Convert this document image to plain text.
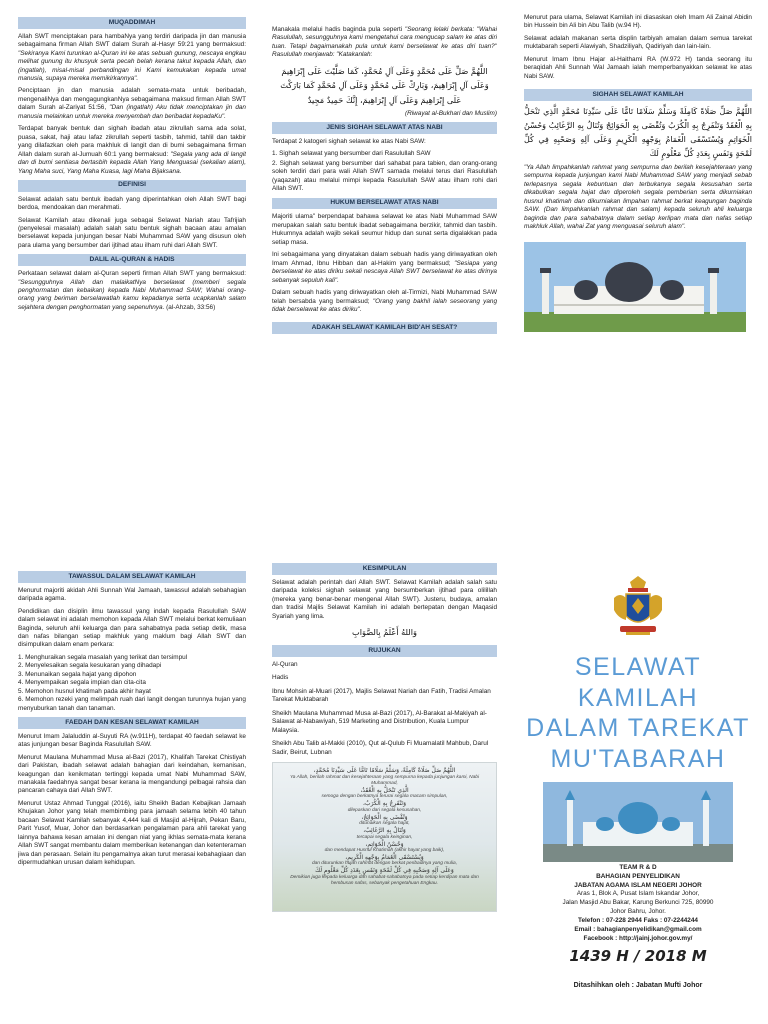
MUQADDIMAH

Allah SWT menciptakan para hambaNya yang terdiri daripada jin dan manusia sebagaimana firman Allah SWT dalam Surah al-Hasyr 59:21 yang bermaksud: "Sekiranya Kami turunkan al-Quran ini ke atas sebuah gunung, nescaya engkau melihat gunung itu khusyuk serta pecah belah kerana takut kepada Allah, dan (ingatlah), misal-misal perbandingan ini Kami kemukakan kepada umat manusia, supaya mereka memikirkannya".

Penciptaan jin dan manusia adalah semata-mata untuk beribadah, mengenaliNya dan mengagungkanNya sebagaimana maksud firman Allah SWT dalam Surah al-Zariyat 51:56, "Dan (ingatlah) Aku tidak menciptakan jin dan manusia melainkan untuk mereka menyembah dan beribadat kepadaKu".

Terdapat banyak bentuk dan sighah ibadah atau zikrullah sama ada solat, puasa, sakat, haji atau lafaz zikrullah seperti tasbih, tahmid, tahlil dan takbir yang dilafazkan oleh para makhluk di langit dan di bumi sebagaimana firman Allah dalam surah al-Jumuah 60:1 yang bermaksud: "Segala yang ada di langit dan di bumi sentiasa bertasbih kepada Allah Yang Menguasai (sekalian alam), Yang Maha suci, Yang Maha Kuasa, lagi Maha Bijaksana.

DEFINISI

Selawat adalah satu bentuk ibadah yang diperintahkan oleh Allah SWT bagi berdoa, mendoakan dan merahmati.

Selawat Kamilah atau dikenali juga sebagai Selawat Nariah atau Tafrijiah (penyelesai masalah) adalah salah satu bentuk sighah bacaan atau amalan berselawat kepada junjungan besar Nabi Muhammad SAW yang disusun oleh para ulama yang bersumber dari ijtihad atau ilham ruhi dari Allah SWT.

DALIL AL-QURAN & HADIS

Perkataan selawat dalam al-Quran seperti firman Allah SWT yang bermaksud: "Sesungguhnya Allah dan malaikatNya berselawat (memberi segala penghormatan dan kebaikan) kepada Nabi Muhammad SAW; Wahai orang-orang yang beriman berselawatlah kamu kepadanya serta ucapkanlah salam sejahtera dengan penghormatan yang sepenuhnya. (al-Ahzab, 33:56)

Manakala melalui hadis baginda pula seperti "Seorang lelaki berkata: "Wahai Rasulullah, sesungguhnya kami mengetahui cara mengucap salam ke atas diri tuan. Tetapi bagaimanakah pula untuk kami berselawat ke atas diri tuan?" Rasulullah menjawab: "Katakanlah:

اللَّهُمَّ صَلِّ عَلَى مُحَمَّدٍ وَعَلَى آلِ مُحَمَّدٍ، كَمَا صَلَّيْتَ عَلَى إِبْرَاهِيمَ وَعَلَى آلِ إِبْرَاهِيمَ، وَبَارِكْ عَلَى مُحَمَّدٍ وَعَلَى آلِ مُحَمَّدٍ كَمَا بَارَكْتَ عَلَى إِبْرَاهِيمَ وَعَلَى آلِ إِبْرَاهِيمَ، إِنَّكَ حَمِيدٌ مَجِيدٌ

(Riwayat al-Bukhari dan Muslim)

JENIS SIGHAH SELAWAT ATAS NABI

Terdapat 2 katogeri sighah selawat ke atas Nabi SAW:

1. Sighah selawat yang bersumber dari Rasulullah SAW

2. Sighah selawat yang bersumber dari sahabat para tabien, dan orang-orang soleh terdiri dari para wali Allah SWT samada melalui terus dari Rasulullah (yaqazah) atau melalui mimpi kepada Rasulullah SAW atau ilham rohi dari Allah SWT.

HUKUM BERSELAWAT ATAS NABI

Majoriti ulama" berpendapat bahawa selawat ke atas Nabi Muhammad SAW merupakan salah satu bentuk ibadat sebagaimana berzikir, tahmid dan tasbih. Hukumnya adalah wajib sekali seumur hidup dan sunat serta digalakkan pada setiap masa.

Ini sebagaimana yang dinyatakan dalam sebuah hadis yang diriwayatkan oleh Imam Ahmad, Ibnu Hibban dan al-Hakim yang bermaksud; "Sesiapa yang berselawat ke atas diriku sekali nescaya Allah SWT berselawat ke atas dirinya sebanyak sepuluh kali".

Dalam sebuah hadis yang diriwayatkan oleh al-Tirmizi, Nabi Muhammad SAW telah bersabda yang bermaksud; "Orang yang bakhil ialah seseorang yang tidak berselawat ke atas diriku".

ADAKAH SELAWAT KAMILAH BID'AH SESAT?

Menurut para ulama, Selawat Kamilah ini diasaskan oleh Imam Ali Zainal Abidin bin Hussein bin Ali bin Abu Talib (w.94 H).

Selawat adalah makanan serta displin tarbiyah amalan dalam semua tarekat muktabarah seperti Alawiyah, Shadziliyah, Qadiriyah dan lain-lain.

Menurut Imam Ibnu Hajar al-Haithami RA (W.972 H) tanda seorang itu beraqidah Ahli Sunnah Wal Jamaah ialah memperbanyakkan selawat ke atas Nabi SAW.

SIGHAH SELAWAT KAMILAH
اللَّهُمَّ صَلِّ صَلَاةً كَامِلَةً وَسَلِّمْ سَلَامًا تَامًّا عَلَى سَيِّدِنَا مُحَمَّدٍ الَّذِي تَنْحَلُّ بِهِ الْعُقَدُ وَتَنْفَرِجُ بِهِ الْكُرَبُ وَتُقْضَى بِهِ الْحَوَائِجُ وَتُنَالُ بِهِ الرَّغَائِبُ وَحُسْنُ الْخَوَاتِمِ وَيُسْتَسْقَى الْغَمَامُ بِوَجْهِهِ الْكَرِيمِ وَعَلَى آلِهِ وَصَحْبِهِ فِي كُلِّ لَمْحَةٍ وَنَفَسٍ بِعَدَدِ كُلِّ مَعْلُومٍ لَكَ

"Ya Allah limpahkanlah rahmat yang sempurna dan berilah kesejahteraan yang sempurna kepada junjungan kami Nabi Muhammad SAW yang menjadi sebab terlepasnya segala kebuntuan dan terbukanya segala kesusahan serta dikabulkan segala hajat dan diperoleh segala pemberian serta dikurniakan husnul khatimah dan dikurniakan limpahan rahmat berkat keagungan baginda SAW. (Dan limpahkanlah rahmat dan salam) kepada seluruh ahli keluarga baginda dan para sahabatnya dalam setiap kerlipan mata dan nafas setiap makhluk Allah, wahai Zat yang menguasai seluruh alam".

TAWASSUL DALAM SELAWAT KAMILAH

Menurut majoriti akidah Ahli Sunnah Wal Jamaah, tawassul adalah sebahagian daripada agama.

Pendidikan dan disiplin ilmu tawassul yang indah kepada Rasulullah SAW dalam selawat ini adalah memohon kepada Allah SWT melalui berkat kemuliaan Baginda, seluruh ahli keluarga dan para sahabatnya pada setiap detik, masa dan nafas bilangan setiap makhluk yang maklum bagi Allah SWT dan disimpulkan dalam enam perkara:

1. Menghuraikan segala masalah yang terikat dan tersimpul

2. Menyelesaikan segala kesukaran yang dihadapi

3. Menunaikan segala hajat yang dipohon

4. Menyempaikan segala impian dan cita-cita

5. Memohon husnul khatimah pada akhir hayat

6. Memohon rezeki yang melimpah ruah dari langit dengan turunnya hujan yang menyuburkan tanah dan tanaman.

FAEDAH DAN KESAN SELAWAT KAMILAH

Menurut Imam Jalaluddin al-Suyuti RA (w.911H), terdapat 40 faedah selawat ke atas junjungan besar Baginda Rasulullah SAW.

Menurut Maulana Muhammad Musa al-Bazi (2017), Khalifah Tarekat Chistiyah dari Pakistan, ibadah selawat adalah bahagian dari keindahan, kemanisan, keagungan dan kenikmatan tertinggi kepada umat Nabi Muhammad SAW, manakala faedahnya sangat besar kerana ia mengandungi pelbagai rahsia dan pancaran cahaya dari Allah SWT.

Menurut Ustaz Ahmad Tunggal (2016), iaitu Sheikh Badan Kebajikan Jamaah Khujakan Johor yang telah membimbing para jamaah selama lebih 40 tahun bacaan Selawat Kamilah sebanyak 4,444 kali di Masjid al-Hijrah, Pekan Baru, Parit Yusof, Muar, Johor dan berdasarkan pengalaman para ahli tarekat yang lainnya bahawa kesan amalan ini dengan niat yang ikhlas semata-mata kerana Allah SWT sangat membantu dalam memberikan ketenangan dan ketenteraman jiwa dan perasaan. Selain itu pengamalnya akan turut merasai kebahagiaan dan dipermudahkan urusan dalam kehidupan.

KESIMPULAN

Selawat adalah perintah dari Allah SWT. Selawat Kamilah adalah salah satu daripada koleksi sighah selawat yang bersumberkan ijtihad para olilillah (mereka yang benar-benar mengenal Allah SWT). Justeru, budaya, amalan dan tradisi Majlis Selawat Kamilah ini adalah bertepatan dengan Maqasid Syariah yang lima.

وَاللهُ أَعْلَمُ بِالصَّوَابِ
RUJUKAN

Al-Quran

Hadis

Ibnu Mohsin al-Muari (2017), Majlis Selawat Nariah dan Fatih, Tradisi Amalan Tarekat Muktabarah

Sheikh Maulana Muhammad Musa al-Bazi (2017), Al-Barakat al-Makiyah al-Salawat al-Nabawiyah, 519 Marketing and Distribution, Kuala Lumpur Malaysia.

Sheikh Abu Talib al-Makki (2010), Qut al-Qulub Fi Muamalatil Mahbub, Darul Sadir, Beirut, Lubnan

اللَّهُمَّ صَلِّ صَلَاةً كَامِلَةً، وَسَلِّمْ سَلَامًا تَامًّا عَلَى سَيِّدِنَا مُحَمَّدٍ،
Ya Allah, berilah rahmat dan kesejahteraan yang sempurna kepada junjungan kami, Nabi Muhammad,
الَّذِي تَنْحَلُّ بِهِ الْعُقَدُ،
semoga dengan berkatnya terurai segala macam simpulan,
وَتَنْفَرِجُ بِهِ الْكُرَبُ،
dilepaskan dari segala kesusahan,
وَتُقْضَى بِهِ الْحَوَائِجُ،
ditunaikan segala hajat,
وَتُنَالُ بِهِ الرَّغَائِبُ،
tercapai segala keinginan,
وَحُسْنُ الْخَوَاتِمِ،
dan mendapat Husnul Khatimah (akhir hayat yang baik),
وَيُسْتَسْقَى الْغَمَامُ بِوَجْهِهِ الْكَرِيمِ،
dan diturunkan hujan rahmat dengan berkat peribadinya yang mulia,
وَعَلَى آلِهِ وَصَحْبِهِ فِي كُلِّ لَمْحَةٍ وَنَفَسٍ بِعَدَدِ كُلِّ مَعْلُومٍ لَكَ
Demikian juga kepada keluarga dan sahabat-sahabatnya pada setiap kerdipan mata dan hembusan nafas, sebanyak pengetahuan Engkau.
SELAWAT
KAMILAH
DALAM TAREKAT
MU'TABARAH
TEAM R & D
BAHAGIAN PENYELIDIKAN
JABATAN AGAMA ISLAM NEGERI JOHOR
Aras 1, Blok A, Pusat Islam Iskandar Johor,
Jalan Masjid Abu Bakar, Karung Berkunci 725, 80990
Johor Bahru, Johor.
Telefon : 07-228 2944 Faks : 07-2244244
Email : bahagianpenyelidikan@gmail.com
Facebook : http://jainj.johor.gov.my/
1439 H / 2018 M
Ditashihkan oleh : Jabatan Mufti Johor
